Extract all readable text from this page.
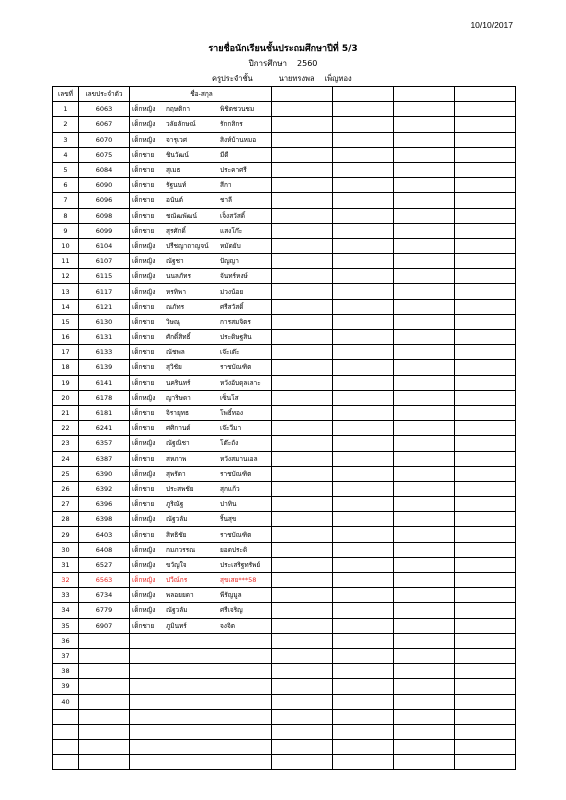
10/10/2017
รายชื่อนักเรียนชั้นประถมศึกษาปีที่ 5/3
ปีการศึกษา 2560
ครูประจำชั้น	นายทรงพล เพ็ญทอง
เลขที่	เลขประจำตัว	ชื่อ-สกุล				
1	6063	เด็กหญิง กฤษติกา พิชิตชวนชม				
2	6067	เด็กหญิง วลัยลักษณ์ รักกสิกร				
3	6070	เด็กหญิง จารุเวศ สิงห์บ้านหมอ				
4	6075	เด็กชาย ชินวัฒน์ มีดี				
5	6084	เด็กชาย สุเมธ ประคาศรี				
6	6090	เด็กชาย รัฐนนท์ สีกา				
7	6096	เด็กชาย อนันต์ ชาลี				
8	6098	เด็กชาย ชณัฒพัฒน์ เจ็งสวัสดิ์				
9	6099	เด็กชาย สุรศักดิ์ แสงโก๊ะ				
10	6104	เด็กหญิง ปรีชญาถาญจน์ หมัดยับ				
11	6107	เด็กหญิง ณัฐชา ปัญญา				
12	6115	เด็กหญิง นนลภัทร จันทร์หงษ์				
13	6117	เด็กหญิง หรทิพา ม่วงน้อย				
14	6121	เด็กชาย ณภัทร ศรีสวัสดิ์				
15	6130	เด็กชาย วิษณุ การสมจิตร				
16	6131	เด็กชาย ศักดิ์สิทธิ์ ประดิษฐสิน				
17	6133	เด็กชาย ณัชพล เจ๊ะเต๊ะ				
18	6139	เด็กชาย สุวิชัย ราชบัณฑิต				
19	6141	เด็กชาย นครินทร์ หวังอับดุลเลาะ				
20	6178	เด็กหญิง ญาริษดา เซ็นโส				
21	6181	เด็กชาย จิรายุทธ โพธิ์ทอง				
22	6241	เด็กชาย ศศิกานต์ เจ๊ะวีมา				
23	6357	เด็กหญิง ณัฐณิชา โต๊ะถัง				
24	6387	เด็กชาย สหภาพ หวังสมานเอล				
25	6390	เด็กหญิง สุพรัดา ราชบัณฑิต				
26	6392	เด็กชาย ประสพชัย สุกแก้ว				
27	6396	เด็กชาย ภูริณัฐ ปาทิน				
28	6398	เด็กหญิง ณัฐวลัม ริ้นสุข				
29	6403	เด็กชาย สิทธิชัย ราชบัณฑิต				
30	6408	เด็กหญิง กมภวรรณ ยอดประดิ				
31	6527	เด็กหญิง ขวัญใจ ประเสริฐทรัพย์				
32	6563	เด็กหญิง ปวีณ์กร สุขเสย***58				
33	6734	เด็กหญิง พลอยยดา พีรัญมูล				
34	6779	เด็กหญิง ณัฐวลัม ศรีเจริญ				
35	6907	เด็กชาย ภูมินทร์ จงจิต				
36						
37						
38						
39						
40						
